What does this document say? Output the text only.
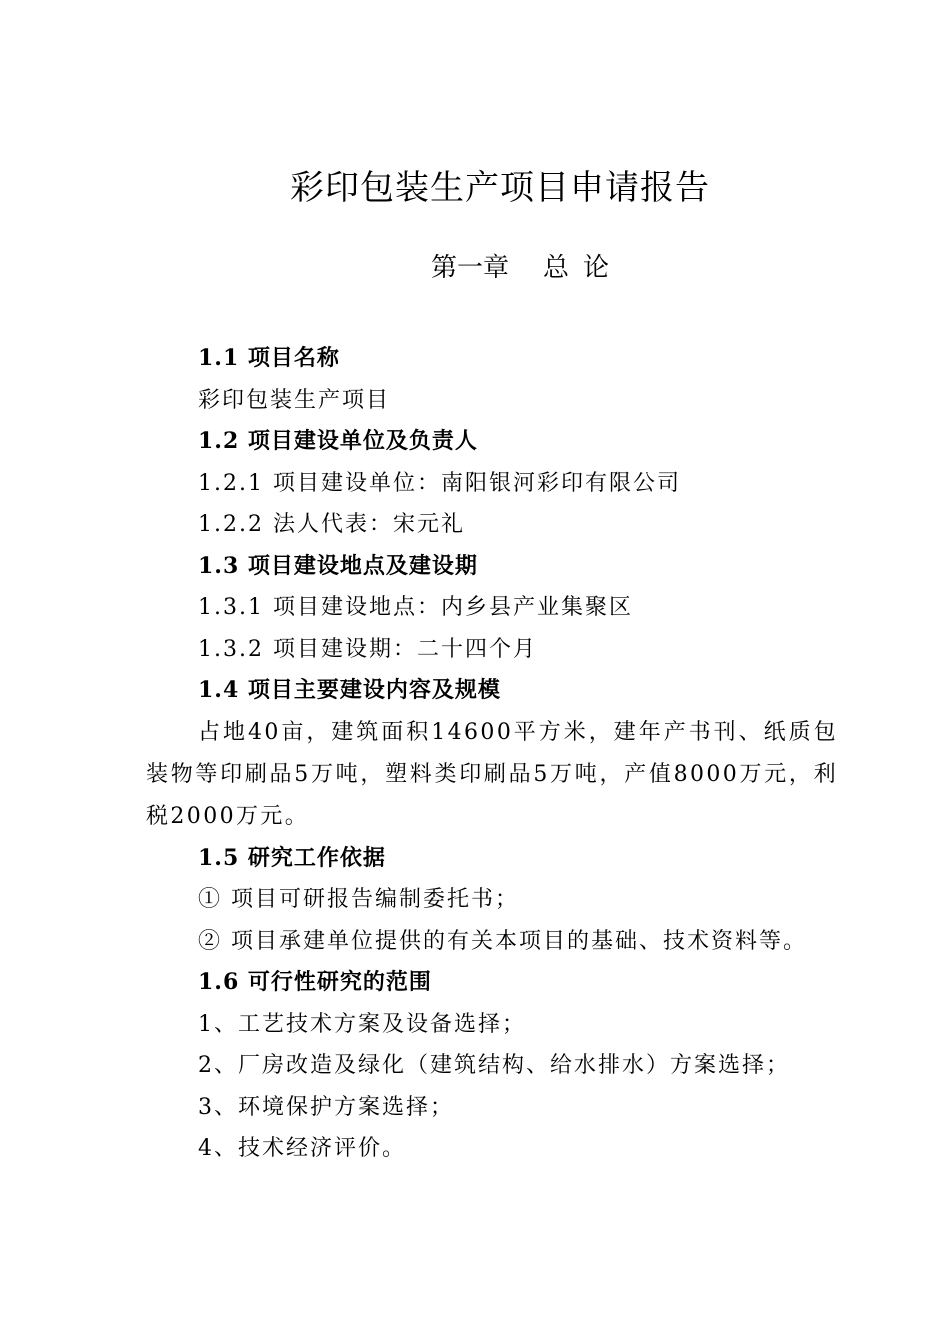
彩印包装生产项目申请报告
第一章 总 论
1.1 项目名称
彩印包装生产项目
1.2 项目建设单位及负责人
1.2.1 项目建设单位：南阳银河彩印有限公司
1.2.2 法人代表：宋元礼
1.3 项目建设地点及建设期
1.3.1 项目建设地点：内乡县产业集聚区
1.3.2 项目建设期：二十四个月
1.4 项目主要建设内容及规模
占地40亩，建筑面积14600平方米，建年产书刊、纸质包装物等印刷品5万吨，塑料类印刷品5万吨，产值8000万元，利税2000万元。
1.5 研究工作依据
① 项目可研报告编制委托书；
② 项目承建单位提供的有关本项目的基础、技术资料等。
1.6 可行性研究的范围
1、工艺技术方案及设备选择；
2、厂房改造及绿化（建筑结构、给水排水）方案选择；
3、环境保护方案选择；
4、技术经济评价。
